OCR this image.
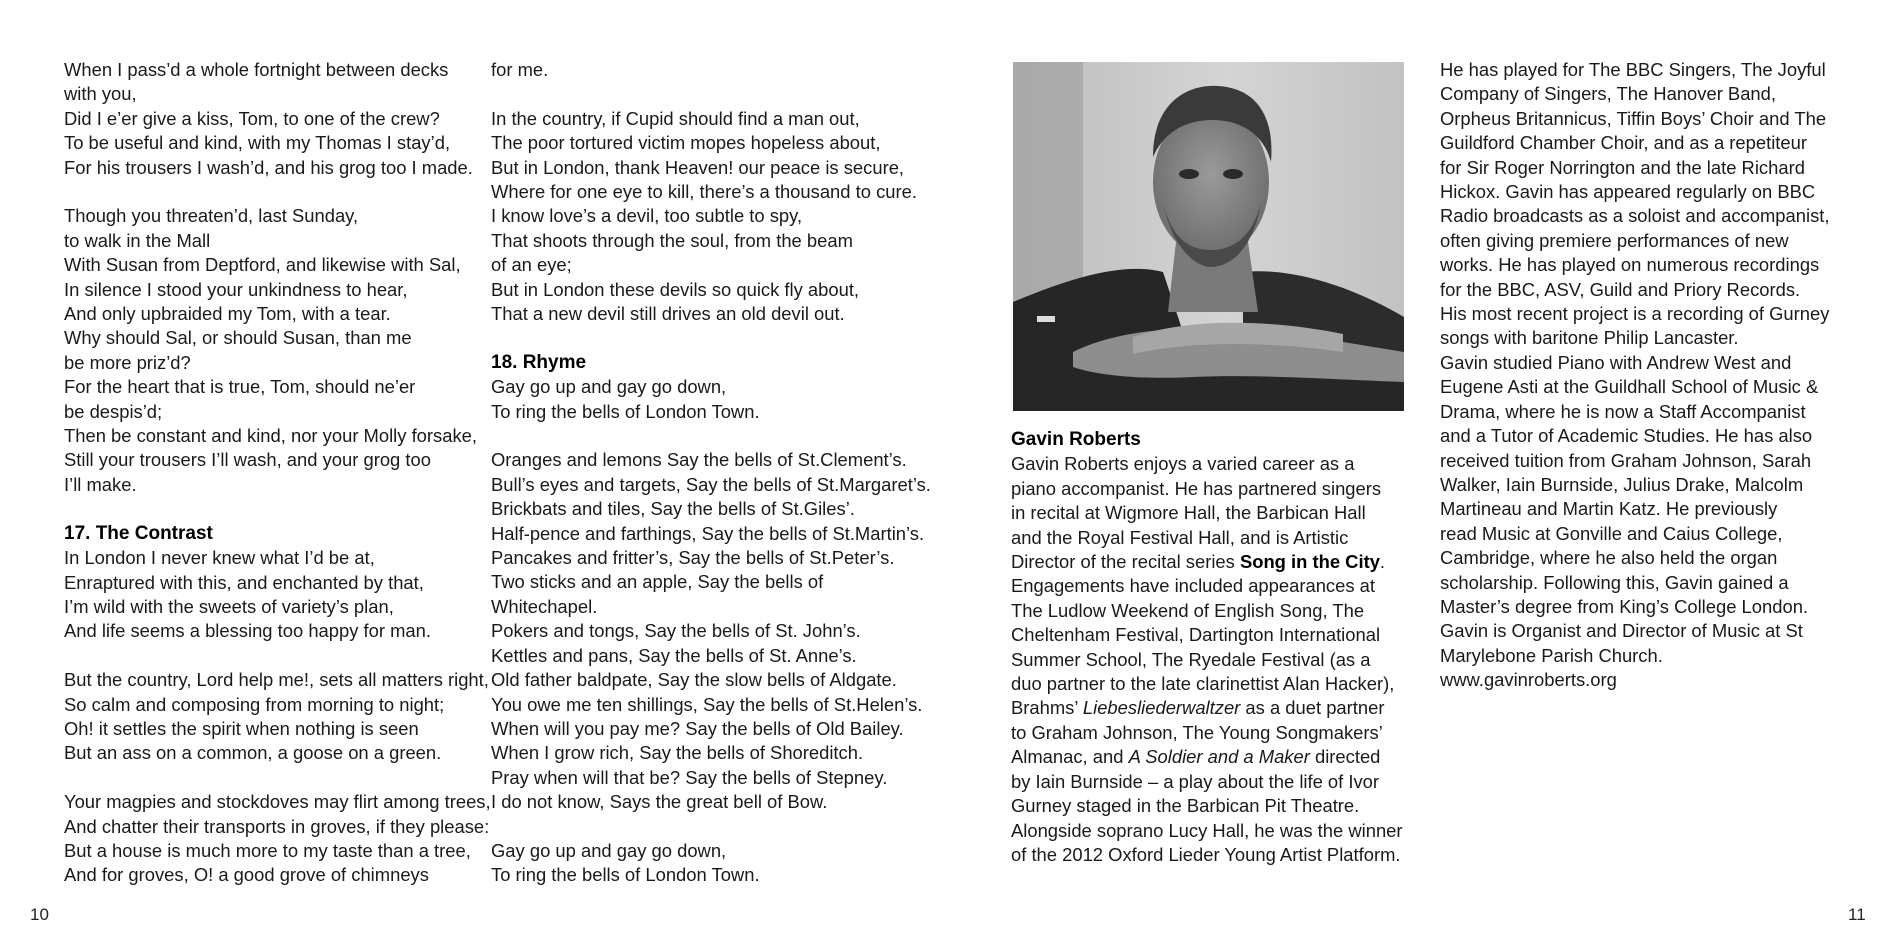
When I pass’d a whole fortnight between decks

with you,

Did I e’er give a kiss, Tom, to one of the crew?

To be useful and kind, with my Thomas I stay’d,

For his trousers I wash’d, and his grog too I made.

Though you threaten’d, last Sunday,

to walk in the Mall

With Susan from Deptford, and likewise with Sal,

In silence I stood your unkindness to hear,

And only upbraided my Tom, with a tear.

Why should Sal, or should Susan, than me

be more priz’d?

For the heart that is true, Tom, should ne’er

be despis’d;

Then be constant and kind, nor your Molly forsake,

Still your trousers I’ll wash, and your grog too

I’ll make.

17. The Contrast

In London I never knew what I’d be at,

Enraptured with this, and enchanted by that,

I’m wild with the sweets of variety’s plan,

And life seems a blessing too happy for man.

But the country, Lord help me!, sets all matters right,

So calm and composing from morning to night;

Oh! it settles the spirit when nothing is seen

But an ass on a common, a goose on a green.

Your magpies and stockdoves may flirt among trees,

And chatter their transports in groves, if they please:

But a house is much more to my taste than a tree,

And for groves, O! a good grove of chimneys

for me.

In the country, if Cupid should find a man out,

The poor tortured victim mopes hopeless about,

But in London, thank Heaven! our peace is secure,

Where for one eye to kill, there’s a thousand to cure.

I know love’s a devil, too subtle to spy,

That shoots through the soul, from the beam

of an eye;

But in London these devils so quick fly about,

That a new devil still drives an old devil out.

18. Rhyme

Gay go up and gay go down,

To ring the bells of London Town.

Oranges and lemons Say the bells of St.Clement’s.

Bull’s eyes and targets, Say the bells of St.Margaret’s.

Brickbats and tiles, Say the bells of St.Giles’.

Half-pence and farthings, Say the bells of St.Martin’s.

Pancakes and fritter’s, Say the bells of St.Peter’s.

Two sticks and an apple, Say the bells of

Whitechapel.

Pokers and tongs, Say the bells of St. John’s.

Kettles and pans, Say the bells of St. Anne’s.

Old father baldpate, Say the slow bells of Aldgate.

You owe me ten shillings, Say the bells of St.Helen’s.

When will you pay me? Say the bells of Old Bailey.

When I grow rich, Say the bells of Shoreditch.

Pray when will that be? Say the bells of Stepney.

I do not know, Says the great bell of Bow.

Gay go up and gay go down,

To ring the bells of London Town.

Gavin Roberts

Gavin Roberts enjoys a varied career as a

piano accompanist. He has partnered singers

in recital at Wigmore Hall, the Barbican Hall

and the Royal Festival Hall, and is Artistic

Director of the recital series Song in the City.

Engagements have included appearances at

The Ludlow Weekend of English Song, The

Cheltenham Festival, Dartington International

Summer School, The Ryedale Festival (as a

duo partner to the late clarinettist Alan Hacker),

Brahms’ Liebesliederwaltzer as a duet partner

to Graham Johnson, The Young Songmakers’

Almanac, and A Soldier and a Maker directed

by Iain Burnside – a play about the life of Ivor

Gurney staged in the Barbican Pit Theatre.

Alongside soprano Lucy Hall, he was the winner

of the 2012 Oxford Lieder Young Artist Platform.

He has played for The BBC Singers, The Joyful

Company of Singers, The Hanover Band,

Orpheus Britannicus, Tiffin Boys’ Choir and The

Guildford Chamber Choir, and as a repetiteur

for Sir Roger Norrington and the late Richard

Hickox. Gavin has appeared regularly on BBC

Radio broadcasts as a soloist and accompanist,

often giving premiere performances of new

works. He has played on numerous recordings

for the BBC, ASV, Guild and Priory Records.

His most recent project is a recording of Gurney

songs with baritone Philip Lancaster.

Gavin studied Piano with Andrew West and

Eugene Asti at the Guildhall School of Music &

Drama, where he is now a Staff Accompanist

and a Tutor of Academic Studies. He has also

received tuition from Graham Johnson, Sarah

Walker, Iain Burnside, Julius Drake, Malcolm

Martineau and Martin Katz. He previously

read Music at Gonville and Caius College,

Cambridge, where he also held the organ

scholarship. Following this, Gavin gained a

Master’s degree from King’s College London.

Gavin is Organist and Director of Music at St

Marylebone Parish Church.

www.gavinroberts.org

10	11
